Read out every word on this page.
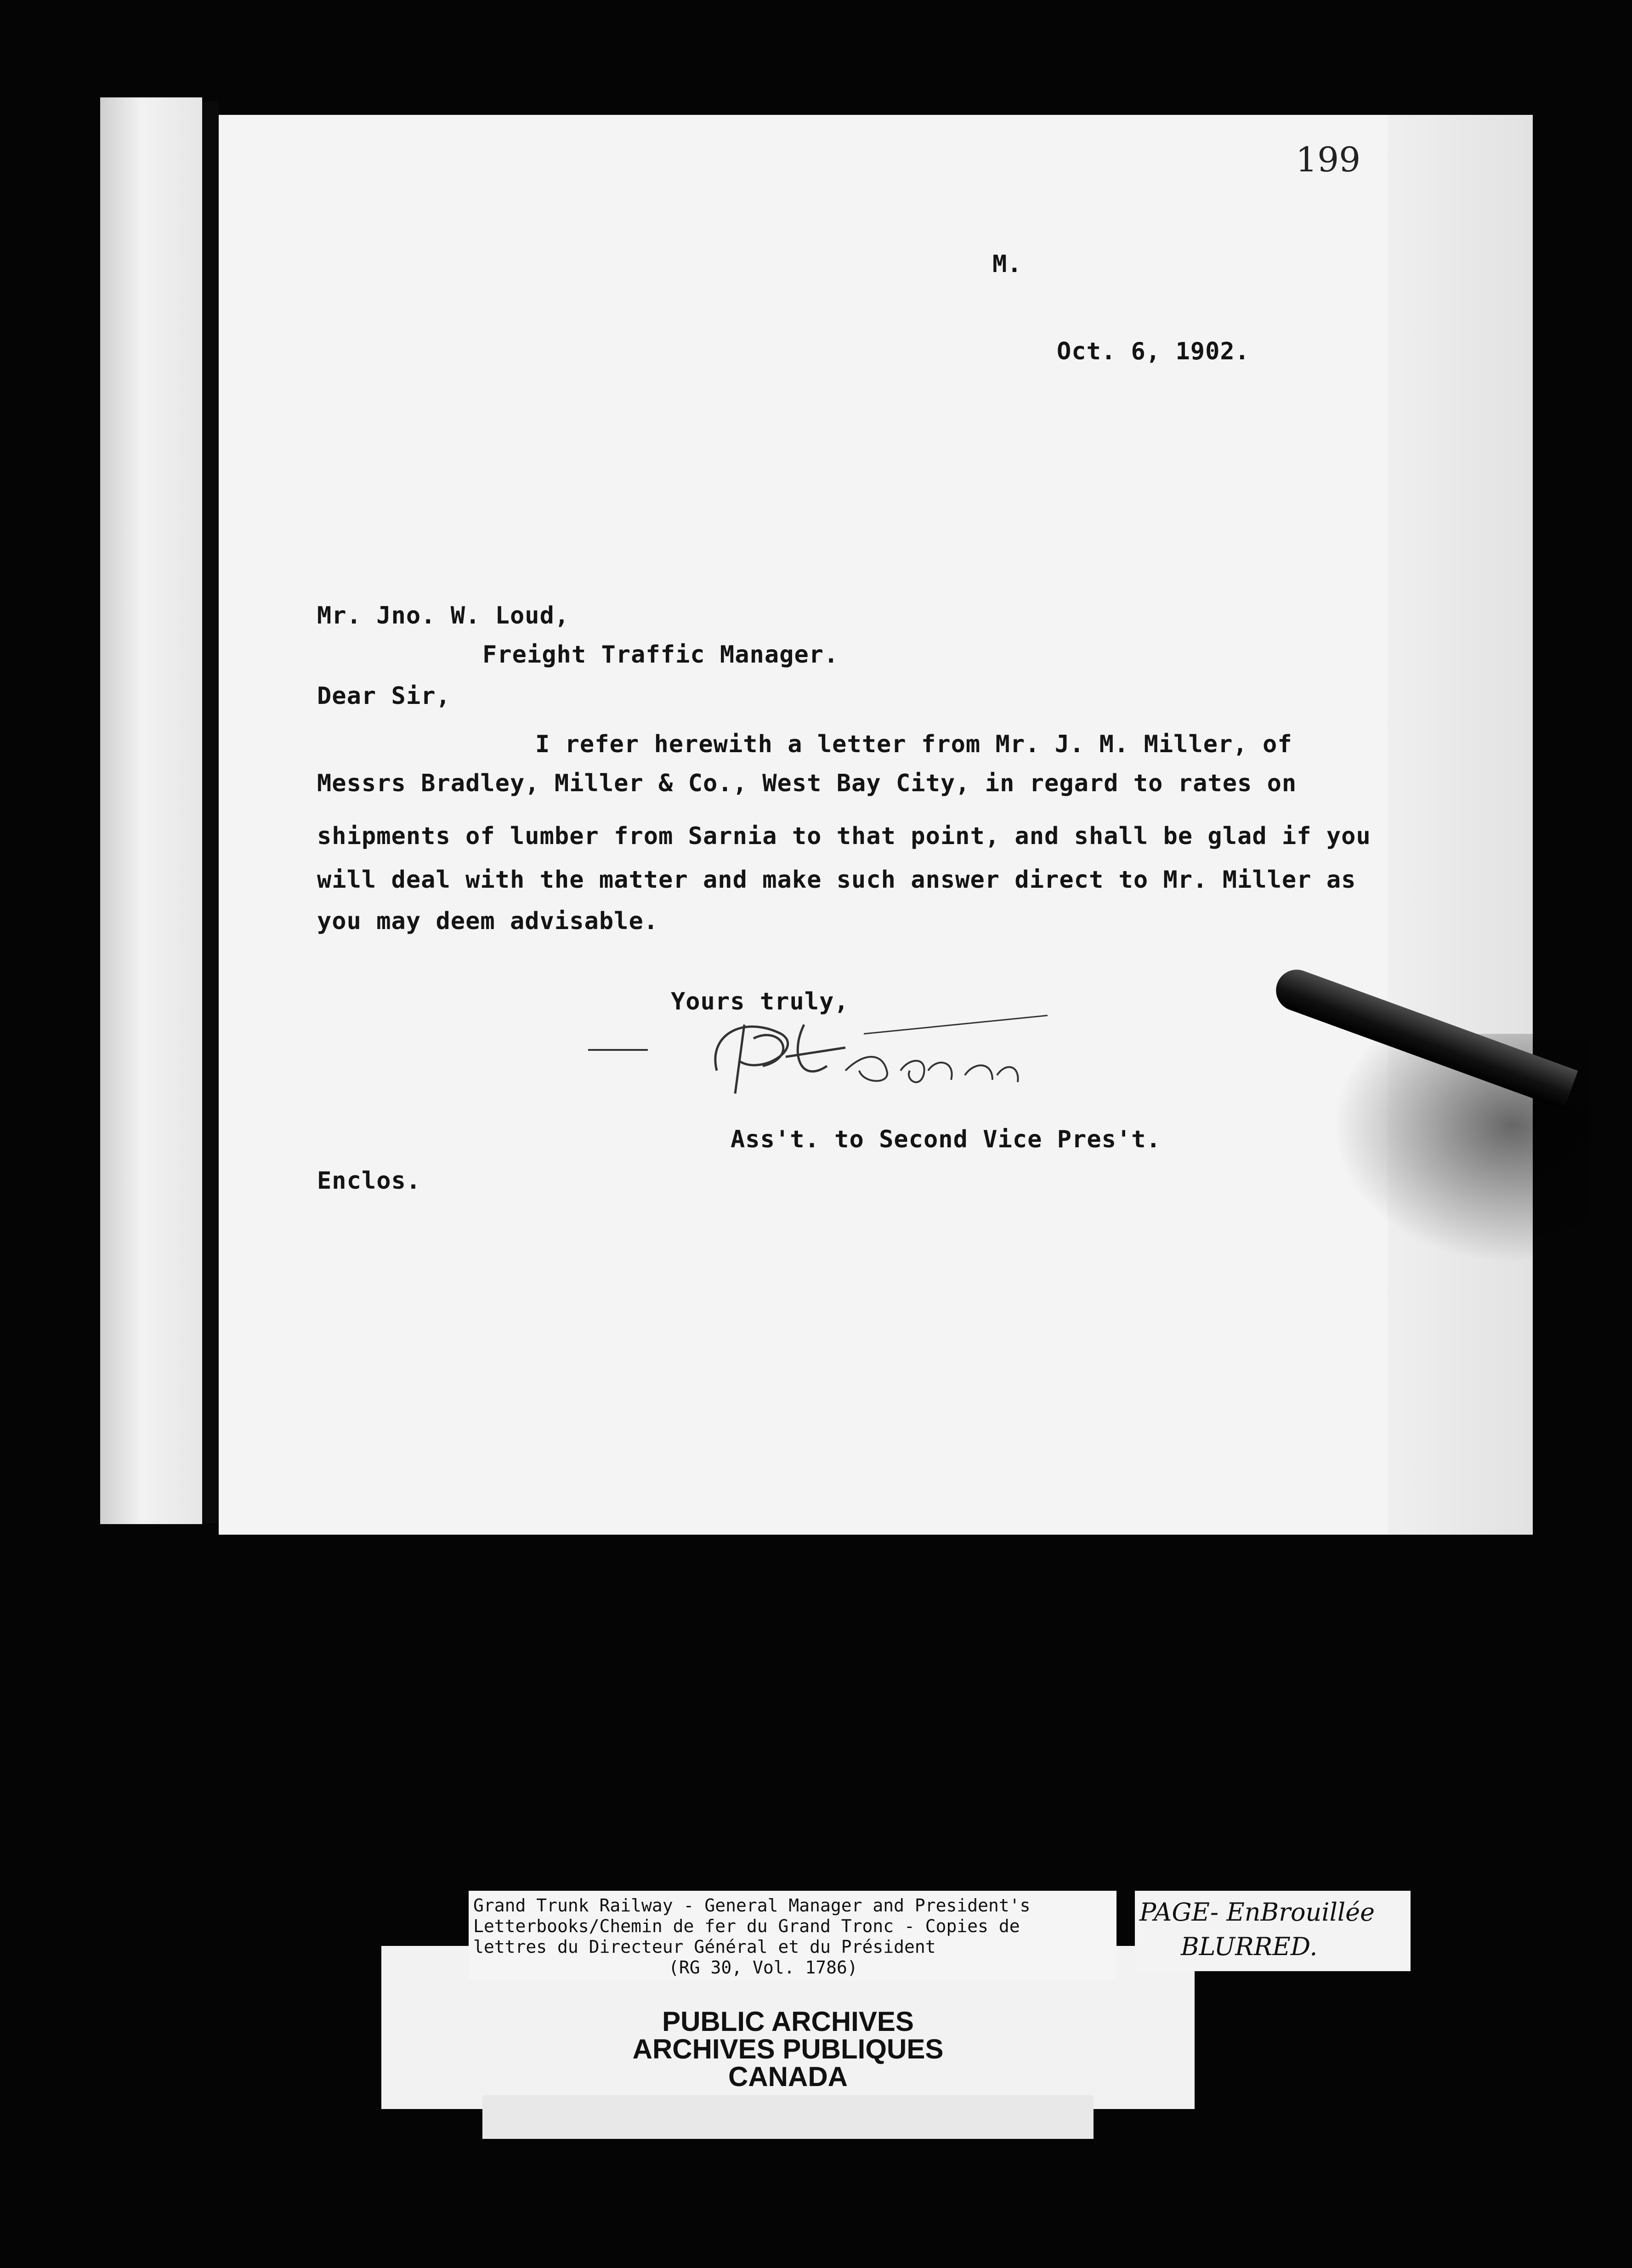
199
M.
Oct. 6, 1902.
Mr. Jno. W. Loud,
Freight Traffic Manager.
Dear Sir,
I refer herewith a letter from Mr. J. M. Miller, of
Messrs Bradley, Miller & Co., West Bay City, in regard to rates on
shipments of lumber from Sarnia to that point, and shall be glad if you
will deal with the matter and make such answer direct to Mr. Miller as
you may deem advisable.
Yours truly,
Ass't. to Second Vice Pres't.
Enclos.
Grand Trunk Railway - General Manager and President's
Letterbooks/Chemin de fer du Grand Tronc - Copies de
lettres du Directeur Général et du Président
(RG 30, Vol. 1786)
PUBLIC ARCHIVES
ARCHIVES PUBLIQUES
CANADA
PAGE- EnBrouillée
BLURRED.
